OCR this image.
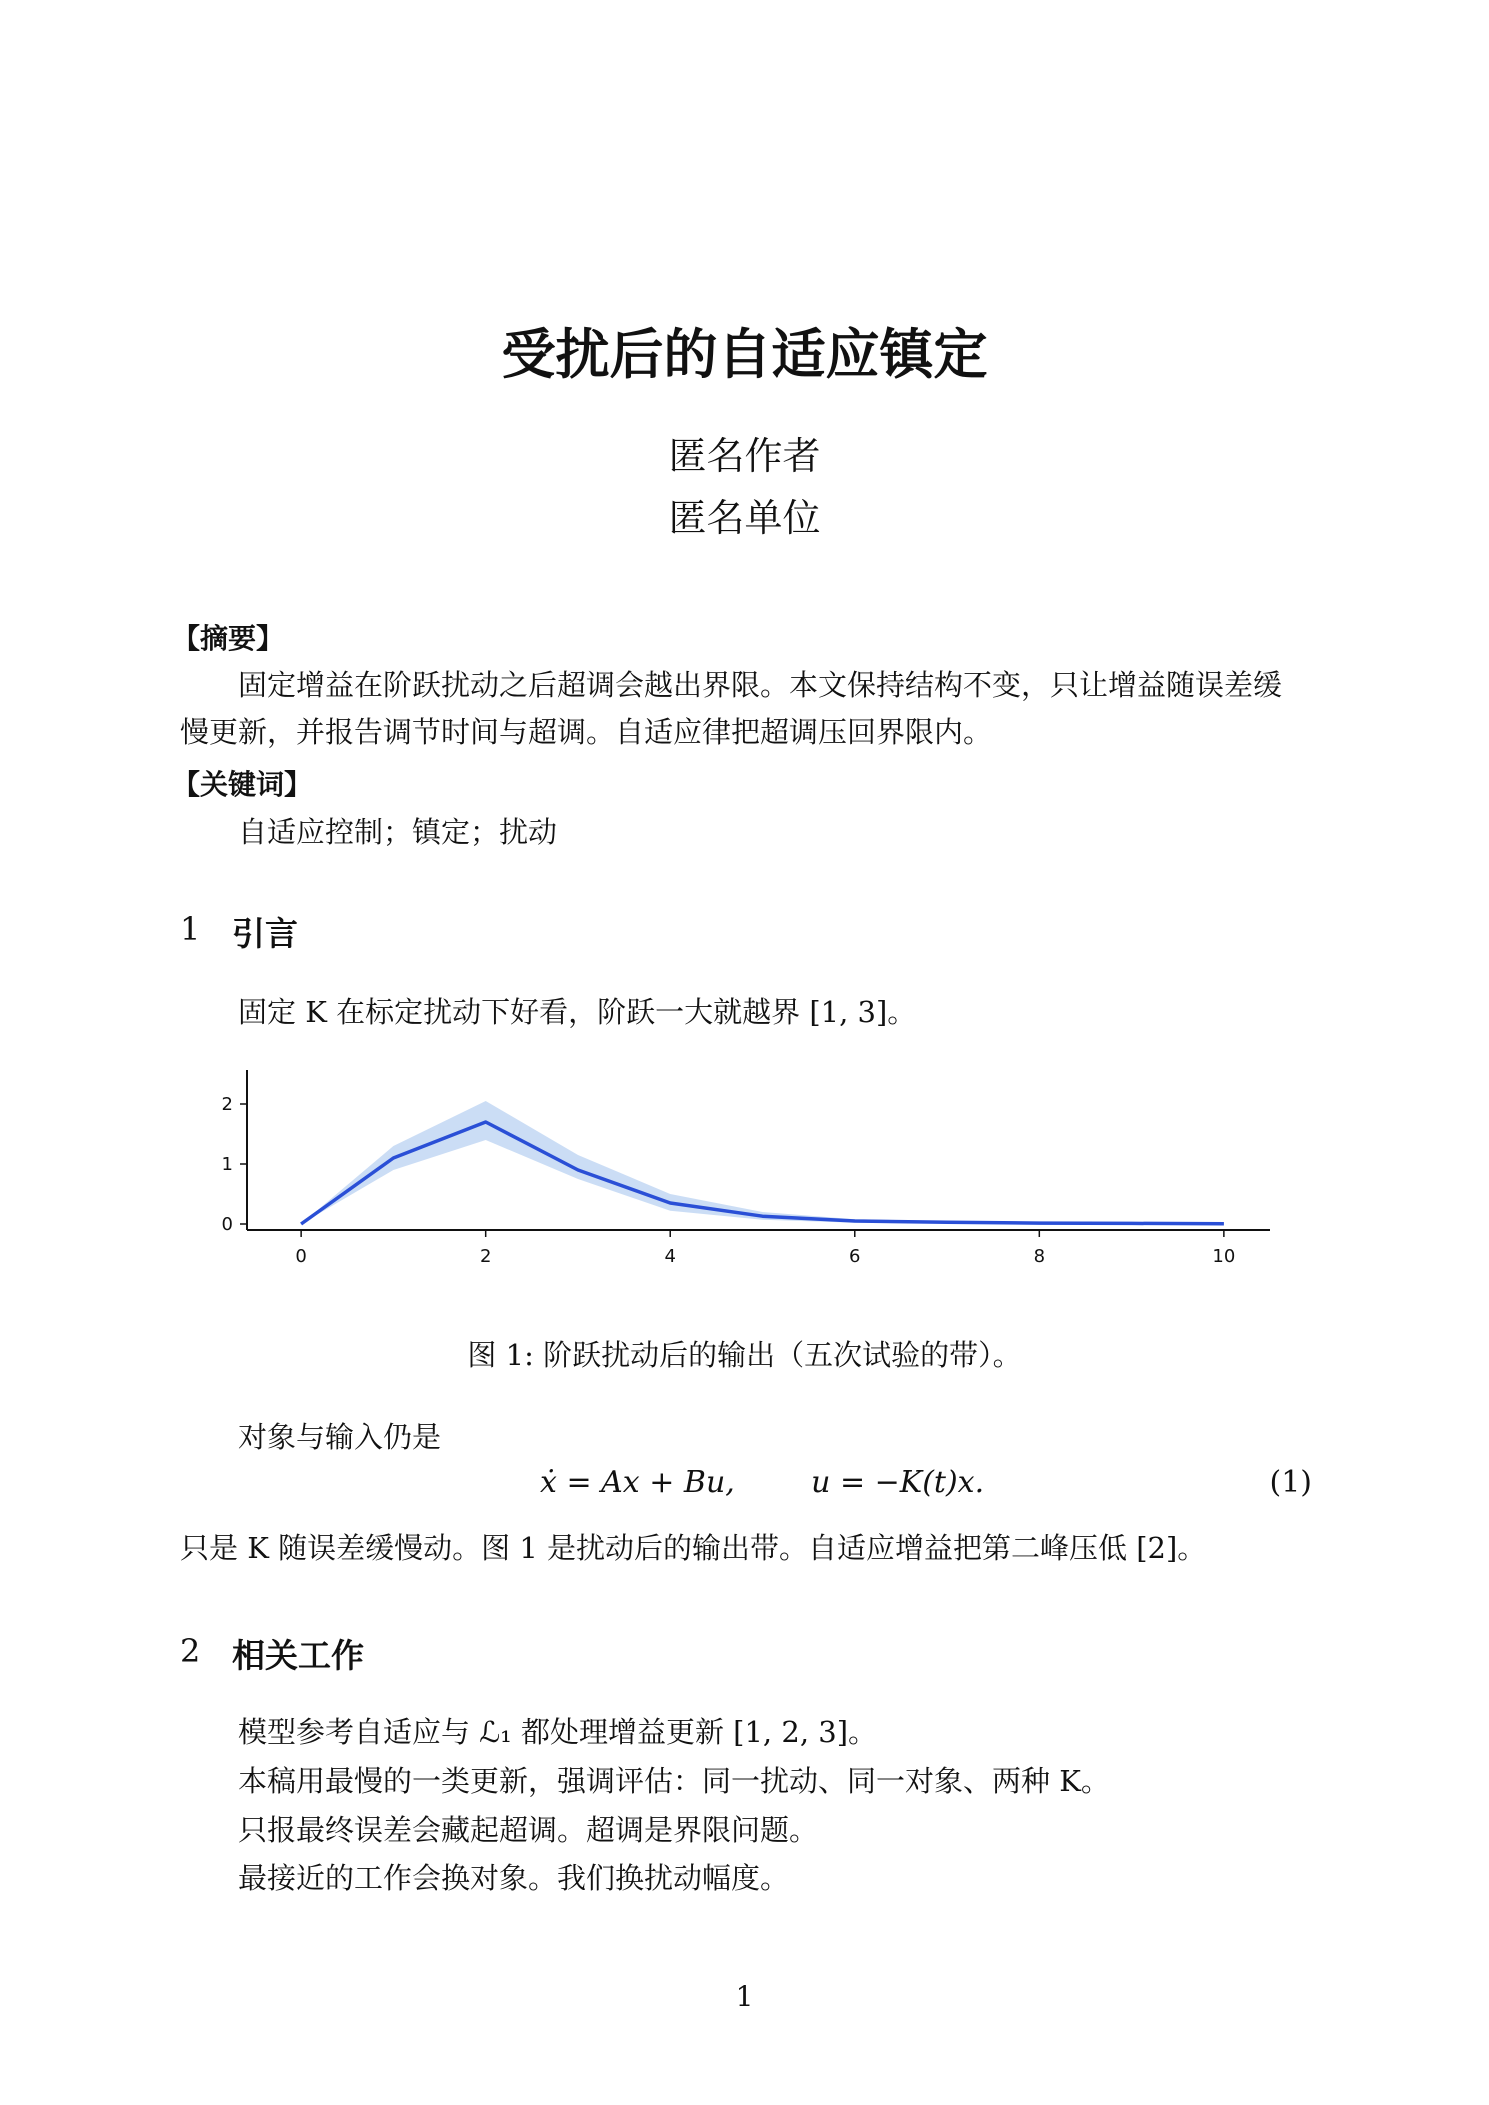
受扰后的自适应镇定
匿名作者
匿名单位
【摘要】
固定增益在阶跃扰动之后超调会越出界限。本文保持结构不变，只让增益随误差缓
慢更新，并报告调节时间与超调。自适应律把超调压回界限内。
【关键词】
自适应控制；镇定；扰动
1 引言
固定 K 在标定扰动下好看，阶跃一大就越界 [1, 3]。
0	2	4	6	8	10
0
1
2
图 1: 阶跃扰动后的输出（五次试验的带）。
对象与输入仍是
ẋ = Ax + Bu,        u = −K(t)x.	(1)
只是 K 随误差缓慢动。图 1 是扰动后的输出带。自适应增益把第二峰压低 [2]。
2 相关工作
模型参考自适应与 ℒ₁ 都处理增益更新 [1, 2, 3]。
本稿用最慢的一类更新，强调评估：同一扰动、同一对象、两种 K。
只报最终误差会藏起超调。超调是界限问题。
最接近的工作会换对象。我们换扰动幅度。
1
